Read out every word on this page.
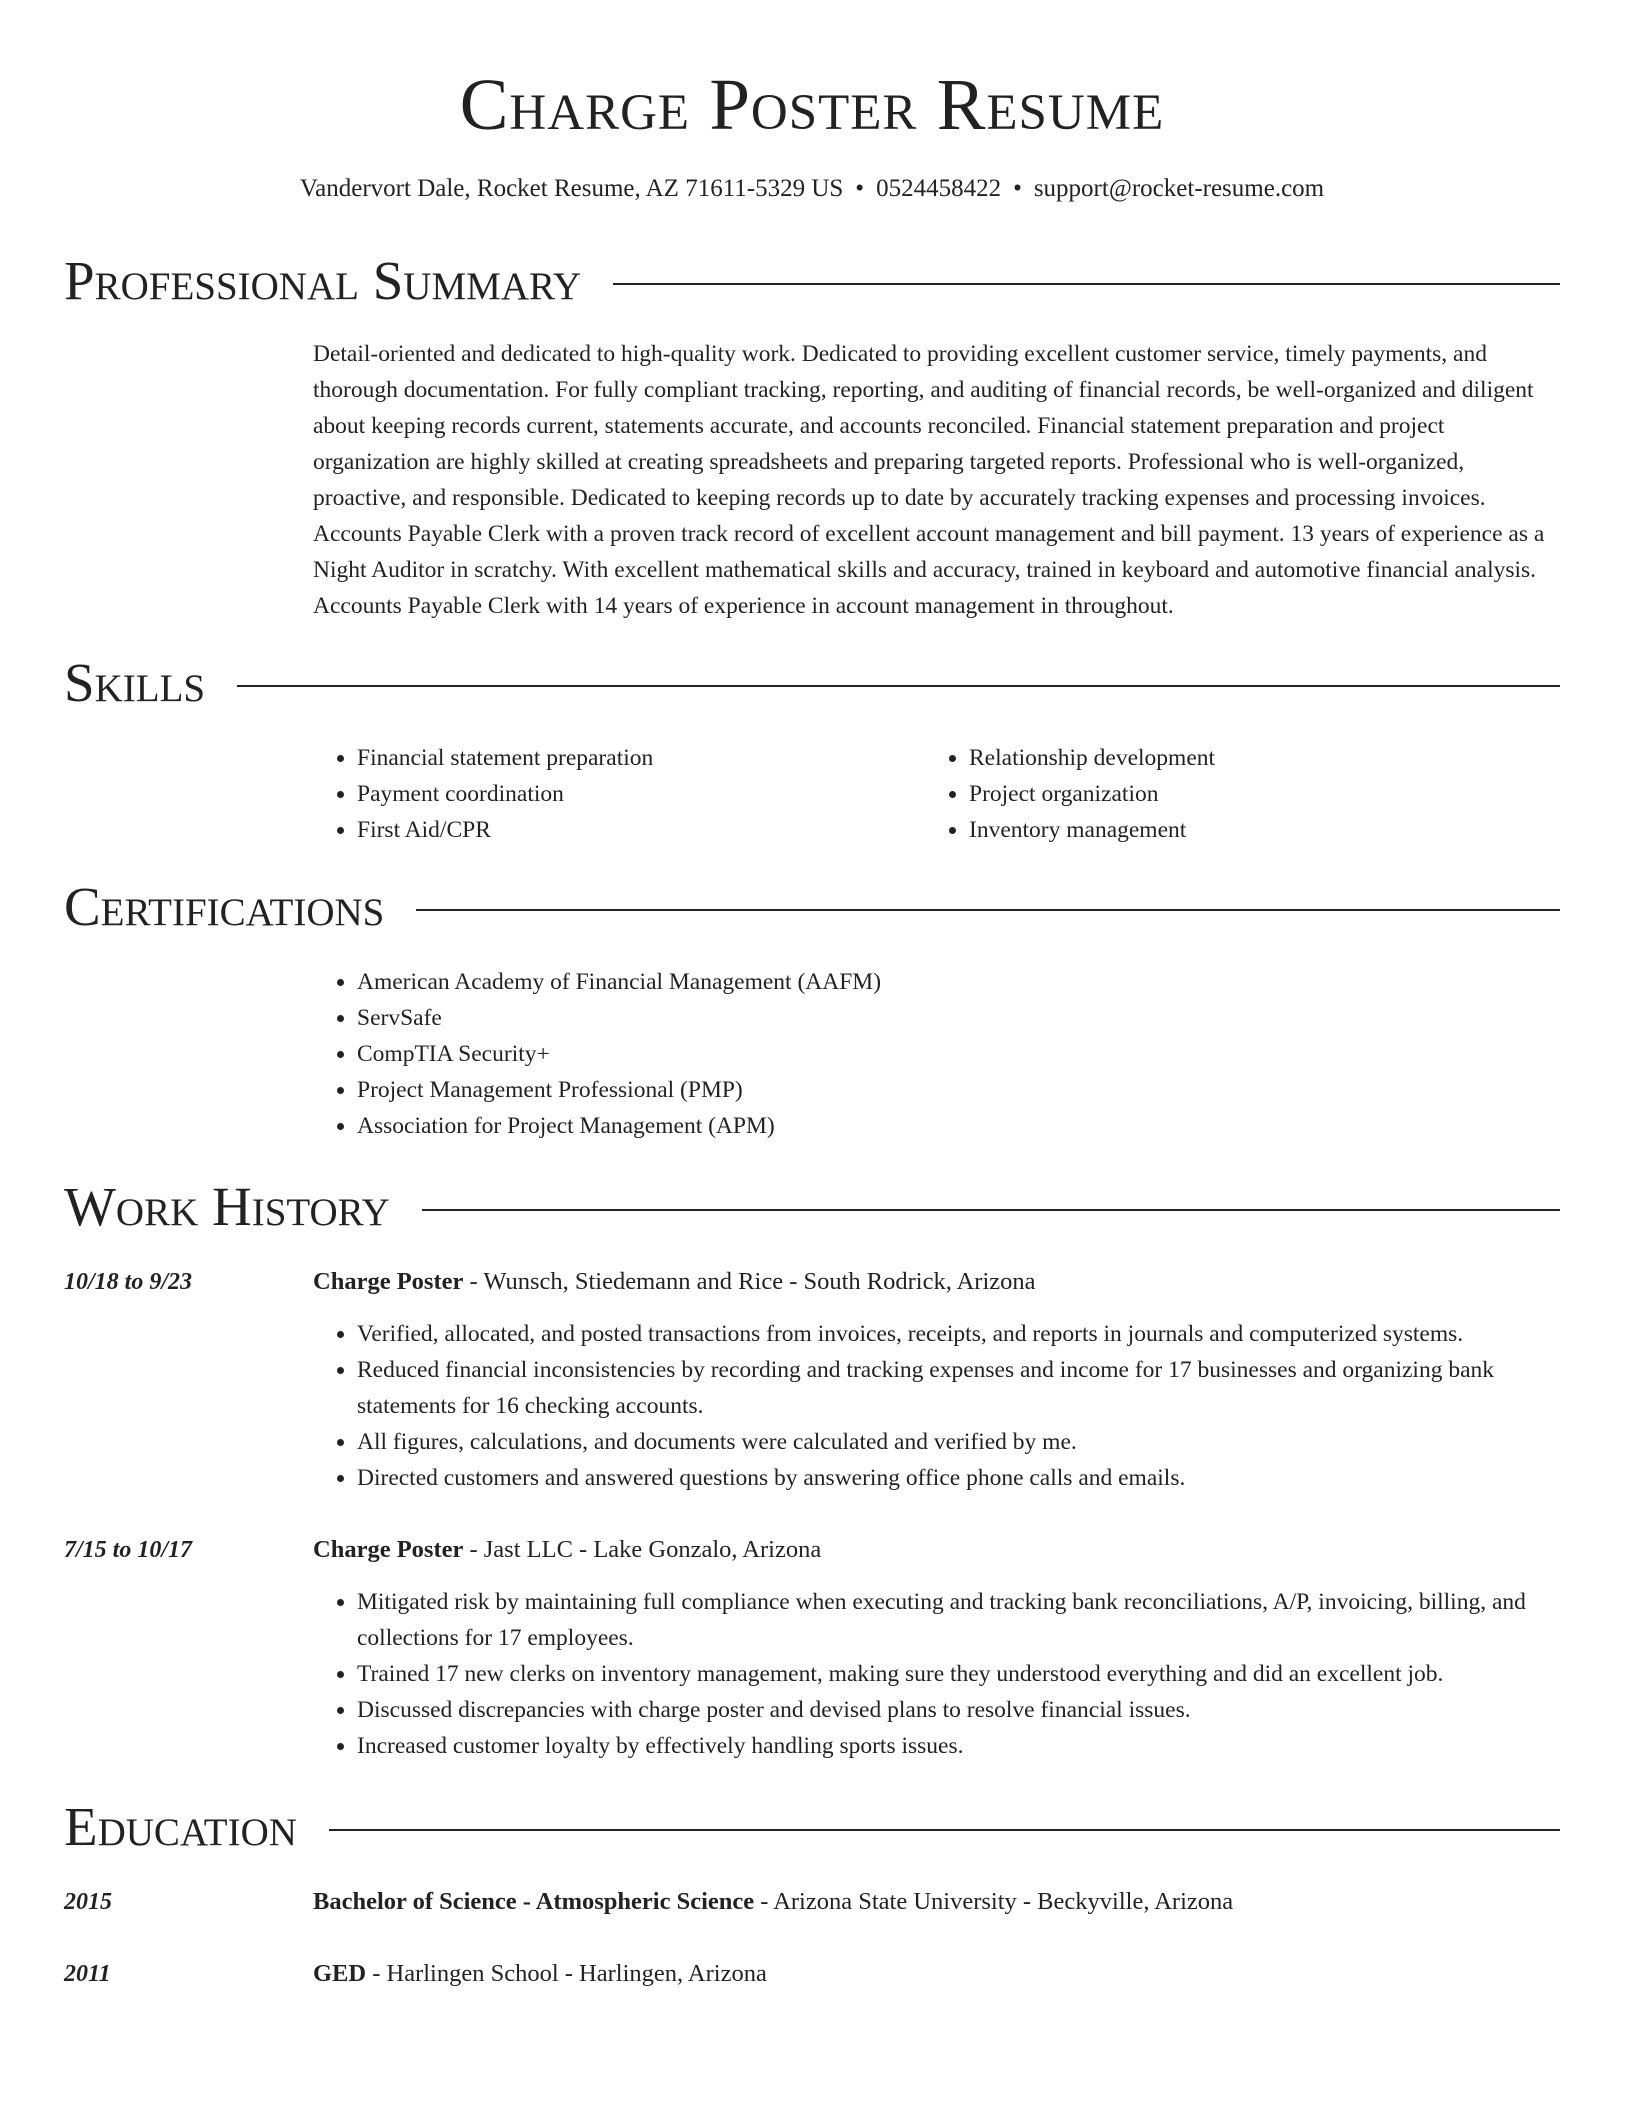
Charge Poster Resume
Vandervort Dale, Rocket Resume, AZ 71611-5329 US • 0524458422 • support@rocket-resume.com
Professional Summary
Detail-oriented and dedicated to high-quality work. Dedicated to providing excellent customer service, timely payments, and thorough documentation. For fully compliant tracking, reporting, and auditing of financial records, be well-organized and diligent about keeping records current, statements accurate, and accounts reconciled. Financial statement preparation and project organization are highly skilled at creating spreadsheets and preparing targeted reports. Professional who is well-organized, proactive, and responsible. Dedicated to keeping records up to date by accurately tracking expenses and processing invoices. Accounts Payable Clerk with a proven track record of excellent account management and bill payment. 13 years of experience as a Night Auditor in scratchy. With excellent mathematical skills and accuracy, trained in keyboard and automotive financial analysis. Accounts Payable Clerk with 14 years of experience in account management in throughout.
Skills
• Financial statement preparation
• Payment coordination
• First Aid/CPR
• Relationship development
• Project organization
• Inventory management
Certifications
• American Academy of Financial Management (AAFM)
• ServSafe
• CompTIA Security+
• Project Management Professional (PMP)
• Association for Project Management (APM)
Work History
10/18 to 9/23	Charge Poster - Wunsch, Stiedemann and Rice - South Rodrick, Arizona
• Verified, allocated, and posted transactions from invoices, receipts, and reports in journals and computerized systems.
• Reduced financial inconsistencies by recording and tracking expenses and income for 17 businesses and organizing bank statements for 16 checking accounts.
• All figures, calculations, and documents were calculated and verified by me.
• Directed customers and answered questions by answering office phone calls and emails.
7/15 to 10/17	Charge Poster - Jast LLC - Lake Gonzalo, Arizona
• Mitigated risk by maintaining full compliance when executing and tracking bank reconciliations, A/P, invoicing, billing, and collections for 17 employees.
• Trained 17 new clerks on inventory management, making sure they understood everything and did an excellent job.
• Discussed discrepancies with charge poster and devised plans to resolve financial issues.
• Increased customer loyalty by effectively handling sports issues.
Education
2015	Bachelor of Science - Atmospheric Science - Arizona State University - Beckyville, Arizona
2011	GED - Harlingen School - Harlingen, Arizona
